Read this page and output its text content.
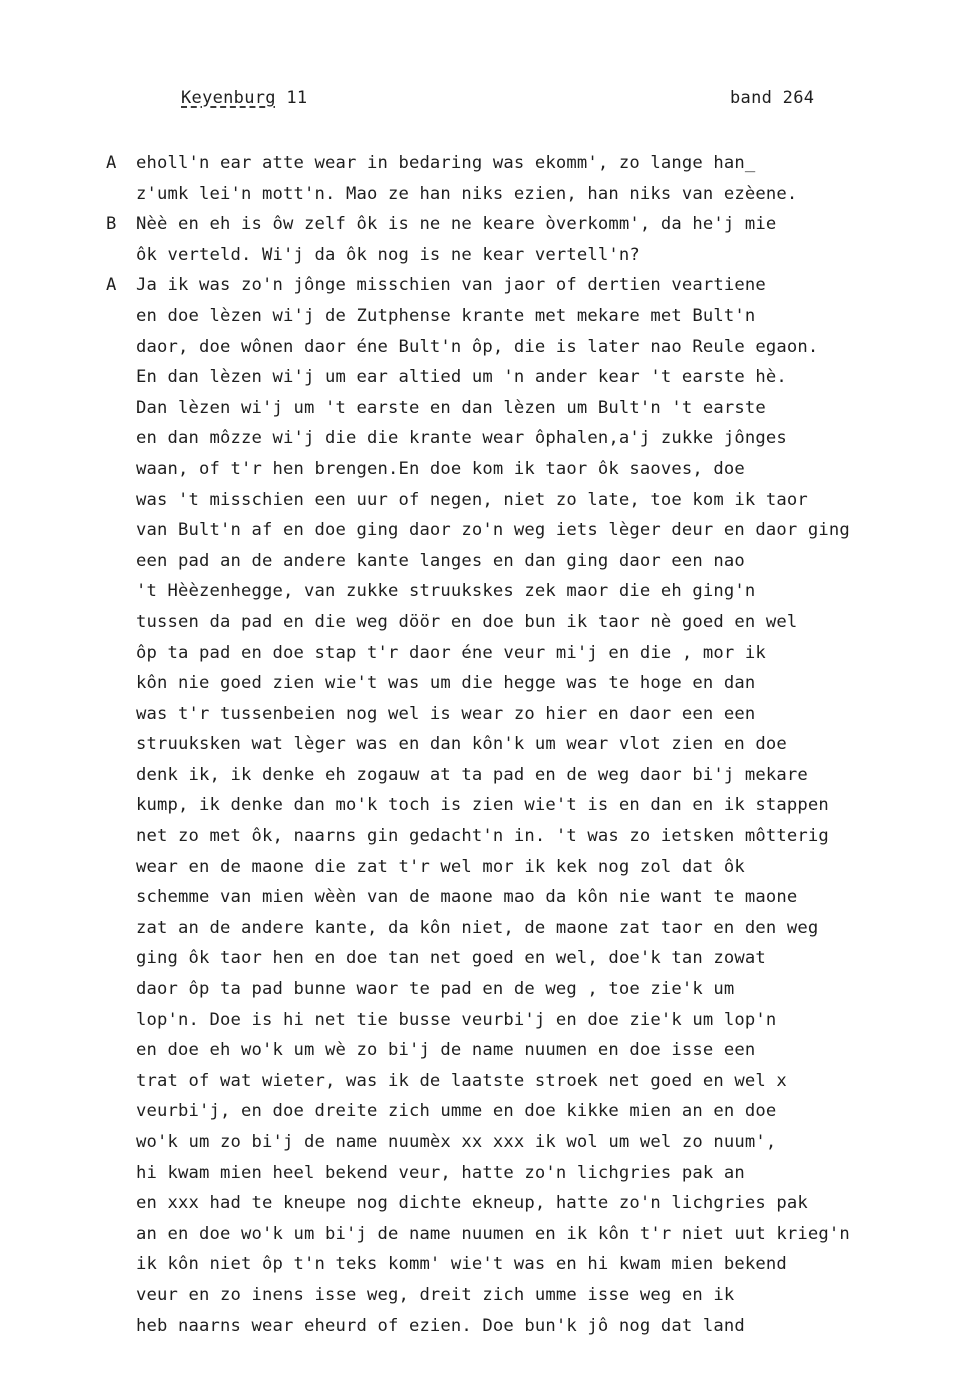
Keyenburg 11	band 264
A eholl'n ear atte wear in bedaring was ekomm', zo lange han_
z'umk lei'n mott'n. Mao ze han niks ezien, han niks van ezèene.
B Nèè en eh is ôw zelf ôk is ne ne keare òverkomm', da he'j mie
ôk verteld. Wi'j da ôk nog is ne kear vertell'n?
A Ja ik was zo'n jônge misschien van jaor of dertien veartiene
en doe lèzen wi'j de Zutphense krante met mekare met Bult'n
daor, doe wônen daor éne Bult'n ôp, die is later nao Reule egaon.
En dan lèzen wi'j um ear altied um 'n ander kear 't earste hè.
Dan lèzen wi'j um 't earste en dan lèzen um Bult'n 't earste
en dan môzze wi'j die die krante wear ôphalen,a'j zukke jônges
waan, of t'r hen brengen.En doe kom ik taor ôk saoves, doe
was 't misschien een uur of negen, niet zo late, toe kom ik taor
van Bult'n af en doe ging daor zo'n weg iets lèger deur en daor ging
een pad an de andere kante langes en dan ging daor een nao
't Hèèzenhegge, van zukke struukskes zek maor die eh ging'n
tussen da pad en die weg döör en doe bun ik taor nè goed en wel
ôp ta pad en doe stap t'r daor éne veur mi'j en die , mor ik
kôn nie goed zien wie't was um die hegge was te hoge en dan
was t'r tussenbeien nog wel is wear zo hier en daor een een
struuksken wat lèger was en dan kôn'k um wear vlot zien en doe
denk ik, ik denke eh zogauw at ta pad en de weg daor bi'j mekare
kump, ik denke dan mo'k toch is zien wie't is en dan en ik stappen
net zo met ôk, naarns gin gedacht'n in. 't was zo ietsken môtterig
wear en de maone die zat t'r wel mor ik kek nog zol dat ôk
schemme van mien wèèn van de maone mao da kôn nie want te maone
zat an de andere kante, da kôn niet, de maone zat taor en den weg
ging ôk taor hen en doe tan net goed en wel, doe'k tan zowat
daor ôp ta pad bunne waor te pad en de weg , toe zie'k um
lop'n. Doe is hi net tie busse veurbi'j en doe zie'k um lop'n
en doe eh wo'k um wè zo bi'j de name nuumen en doe isse een
trat of wat wieter, was ik de laatste stroek net goed en wel x
veurbi'j, en doe dreite zich umme en doe kikke mien an en doe
wo'k um zo bi'j de name nuumèx xx xxx ik wol um wel zo nuum',
hi kwam mien heel bekend veur, hatte zo'n lichgries pak an
en xxx had te kneupe nog dichte ekneup, hatte zo'n lichgries pak
an en doe wo'k um bi'j de name nuumen en ik kôn t'r niet uut krieg'n
ik kôn niet ôp t'n teks komm' wie't was en hi kwam mien bekend
veur en zo inens isse weg, dreit zich umme isse weg en ik
heb naarns wear eheurd of ezien. Doe bun'k jô nog dat land
